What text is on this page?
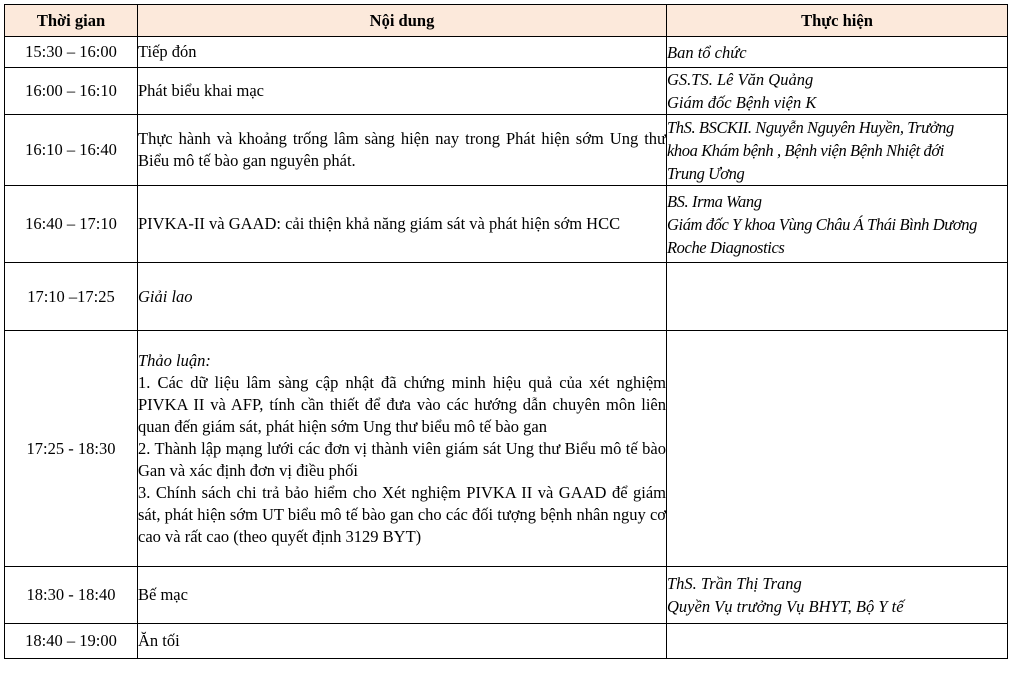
Thời gian	Nội dung	Thực hiện
15:30 – 16:00	Tiếp đón	Ban tổ chức

16:00 – 16:10	Phát biểu khai mạc	GS.TS. Lê Văn Quảng
Giám đốc Bệnh viện K

16:10 – 16:40	Thực hành và khoảng trống lâm sàng hiện nay trong Phát hiện sớm Ung thư Biểu mô tế bào gan nguyên phát.	ThS. BSCKII. Nguyễn Nguyên Huyền, Trưởng
khoa Khám bệnh , Bệnh viện Bệnh Nhiệt đới
Trung Ương

16:40 – 17:10	PIVKA-II và GAAD: cải thiện khả năng giám sát và phát hiện sớm HCC	BS. Irma Wang
Giám đốc Y khoa Vùng Châu Á Thái Bình Dương
Roche Diagnostics

17:10 –17:25	Giải lao	
17:25 - 18:30	Thảo luận:
1. Các dữ liệu lâm sàng cập nhật đã chứng minh hiệu quả của xét nghiệm PIVKA II và AFP, tính cần thiết để đưa vào các hướng dẫn chuyên môn liên quan đến giám sát, phát hiện sớm Ung thư biểu mô tế bào gan
2. Thành lập mạng lưới các đơn vị thành viên giám sát Ung thư Biểu mô tế bào Gan và xác định đơn vị điều phối
3. Chính sách chi trả bảo hiểm cho Xét nghiệm PIVKA II và GAAD để giám sát, phát hiện sớm UT biểu mô tế bào gan cho các đối tượng bệnh nhân nguy cơ cao và rất cao (theo quyết định 3129 BYT)	

18:30 - 18:40	Bế mạc	ThS. Trần Thị Trang
Quyền Vụ trưởng Vụ BHYT, Bộ Y tế

18:40 – 19:00	Ăn tối	
